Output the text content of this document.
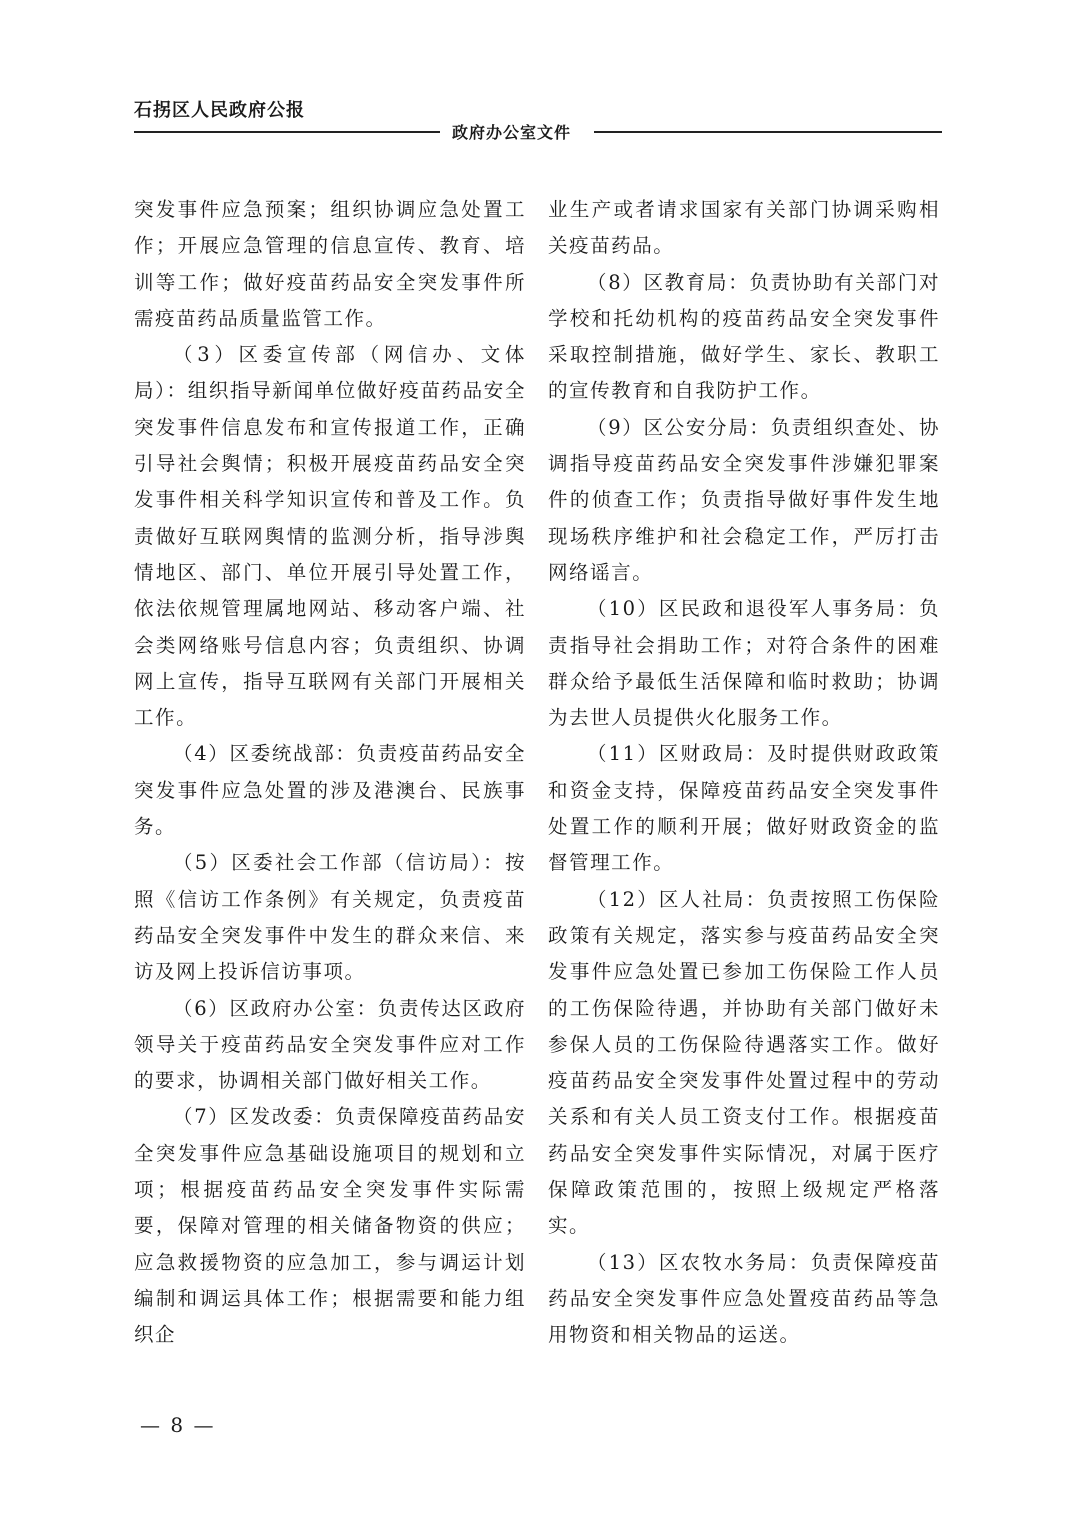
石拐区人民政府公报
政府办公室文件

突发事件应急预案；组织协调应急处置工作；开展应急管理的信息宣传、教育、培训等工作；做好疫苗药品安全突发事件所需疫苗药品质量监管工作。

（3）区委宣传部（网信办、文体局）：组织指导新闻单位做好疫苗药品安全突发事件信息发布和宣传报道工作，正确引导社会舆情；积极开展疫苗药品安全突发事件相关科学知识宣传和普及工作。负责做好互联网舆情的监测分析，指导涉舆情地区、部门、单位开展引导处置工作，依法依规管理属地网站、移动客户端、社会类网络账号信息内容；负责组织、协调网上宣传，指导互联网有关部门开展相关工作。

（4）区委统战部：负责疫苗药品安全突发事件应急处置的涉及港澳台、民族事务。

（5）区委社会工作部（信访局）：按照《信访工作条例》有关规定，负责疫苗药品安全突发事件中发生的群众来信、来访及网上投诉信访事项。

（6）区政府办公室：负责传达区政府领导关于疫苗药品安全突发事件应对工作的要求，协调相关部门做好相关工作。

（7）区发改委：负责保障疫苗药品安全突发事件应急基础设施项目的规划和立项；根据疫苗药品安全突发事件实际需要，保障对管理的相关储备物资的供应；应急救援物资的应急加工，参与调运计划编制和调运具体工作；根据需要和能力组织企

业生产或者请求国家有关部门协调采购相关疫苗药品。

（8）区教育局：负责协助有关部门对学校和托幼机构的疫苗药品安全突发事件采取控制措施，做好学生、家长、教职工的宣传教育和自我防护工作。

（9）区公安分局：负责组织查处、协调指导疫苗药品安全突发事件涉嫌犯罪案件的侦查工作；负责指导做好事件发生地现场秩序维护和社会稳定工作，严厉打击网络谣言。

（10）区民政和退役军人事务局：负责指导社会捐助工作；对符合条件的困难群众给予最低生活保障和临时救助；协调为去世人员提供火化服务工作。

（11）区财政局：及时提供财政政策和资金支持，保障疫苗药品安全突发事件处置工作的顺利开展；做好财政资金的监督管理工作。

（12）区人社局：负责按照工伤保险政策有关规定，落实参与疫苗药品安全突发事件应急处置已参加工伤保险工作人员的工伤保险待遇，并协助有关部门做好未参保人员的工伤保险待遇落实工作。做好疫苗药品安全突发事件处置过程中的劳动关系和有关人员工资支付工作。根据疫苗药品安全突发事件实际情况，对属于医疗保障政策范围的，按照上级规定严格落实。

（13）区农牧水务局：负责保障疫苗药品安全突发事件应急处置疫苗药品等急用物资和相关物品的运送。

— 8 —
